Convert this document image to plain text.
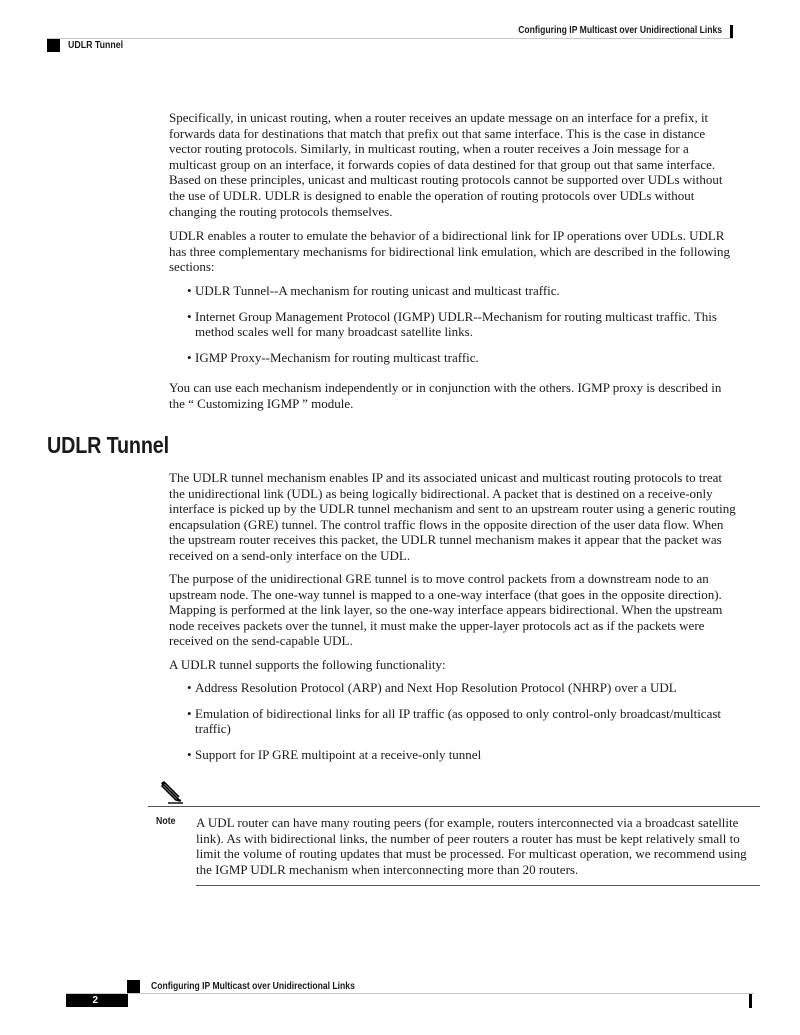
Configuring IP Multicast over Unidirectional Links
UDLR Tunnel

Specifically, in unicast routing, when a router receives an update message on an interface for a prefix, it forwards data for destinations that match that prefix out that same interface. This is the case in distance vector routing protocols. Similarly, in multicast routing, when a router receives a Join message for a multicast group on an interface, it forwards copies of data destined for that group out that same interface. Based on these principles, unicast and multicast routing protocols cannot be supported over UDLs without the use of UDLR. UDLR is designed to enable the operation of routing protocols over UDLs without changing the routing protocols themselves.

UDLR enables a router to emulate the behavior of a bidirectional link for IP operations over UDLs. UDLR has three complementary mechanisms for bidirectional link emulation, which are described in the following sections:

• UDLR Tunnel--A mechanism for routing unicast and multicast traffic.
• Internet Group Management Protocol (IGMP) UDLR--Mechanism for routing multicast traffic. This method scales well for many broadcast satellite links.
• IGMP Proxy--Mechanism for routing multicast traffic.

You can use each mechanism independently or in conjunction with the others. IGMP proxy is described in the “ Customizing IGMP ” module.

UDLR Tunnel

The UDLR tunnel mechanism enables IP and its associated unicast and multicast routing protocols to treat the unidirectional link (UDL) as being logically bidirectional. A packet that is destined on a receive-only interface is picked up by the UDLR tunnel mechanism and sent to an upstream router using a generic routing encapsulation (GRE) tunnel. The control traffic flows in the opposite direction of the user data flow. When the upstream router receives this packet, the UDLR tunnel mechanism makes it appear that the packet was received on a send-only interface on the UDL.

The purpose of the unidirectional GRE tunnel is to move control packets from a downstream node to an upstream node. The one-way tunnel is mapped to a one-way interface (that goes in the opposite direction). Mapping is performed at the link layer, so the one-way interface appears bidirectional. When the upstream node receives packets over the tunnel, it must make the upper-layer protocols act as if the packets were received on the send-capable UDL.

A UDLR tunnel supports the following functionality:

• Address Resolution Protocol (ARP) and Next Hop Resolution Protocol (NHRP) over a UDL
• Emulation of bidirectional links for all IP traffic (as opposed to only control-only broadcast/multicast traffic)
• Support for IP GRE multipoint at a receive-only tunnel
Note A UDL router can have many routing peers (for example, routers interconnected via a broadcast satellite link). As with bidirectional links, the number of peer routers a router has must be kept relatively small to limit the volume of routing updates that must be processed. For multicast operation, we recommend using the IGMP UDLR mechanism when interconnecting more than 20 routers.
Configuring IP Multicast over Unidirectional Links
2
